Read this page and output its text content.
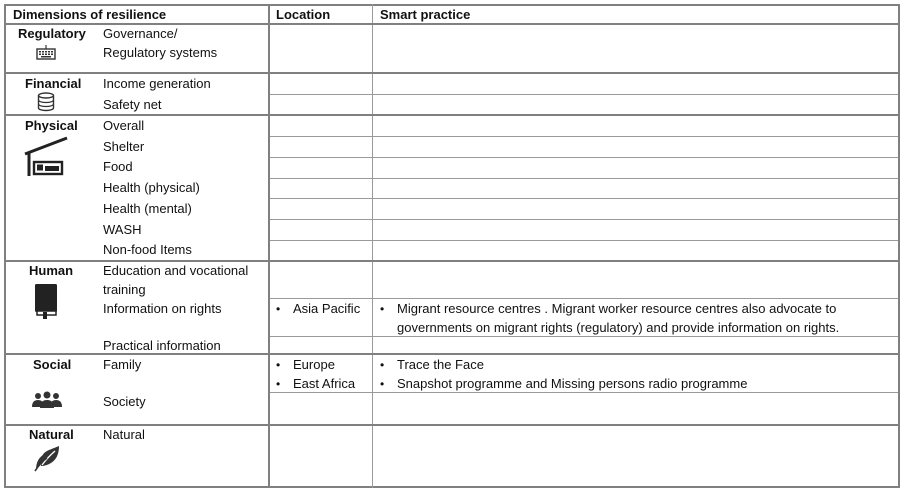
Dimensions of resilience	Location	Smart practice
Regulatory Governance/
Regulatory systems
Financial Income generation
Safety net
Physical Overall
Shelter
Food
Health (physical)
Health (mental)
WASH
Non-food Items
Human Education and vocational
training
Information on rights
Practical information
• Asia Pacific • Migrant resource centres . Migrant worker resource centres also advocate to
governments on migrant rights (regulatory) and provide information on rights.
Social Family
Society
• Europe
• East Africa
• Trace the Face
• Snapshot programme and Missing persons radio programme
Natural Natural
